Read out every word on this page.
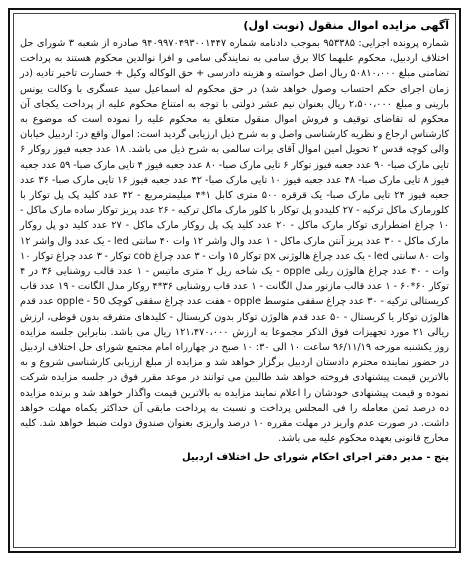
آگهی مزایده اموال منقول (نوبت اول)

شماره پرونده اجرایی: ۹۵۳۳۸۵ بموجب دادنامه شماره ۹۴۰۹۹۷۰۴۹۳۰۰۱۴۴۷ صادره از شعبه ۳ شورای حل اختلاف اردبیل، محکوم علیهما کالا برق سامی به نمایندگی سامی و افرا نوالدین محکوم هستند به پرداخت تضامنی مبلغ ۵۰۸۱۰،۰۰۰ ریال اصل خواسته و هزینه دادرسی + حق الوکاله وکیل + خسارت تاخیر تادیه (در زمان اجرای حکم احتساب وصول خواهد شد) در حق محکوم له اسماعیل سید عسگری با وکالت یونس بارینی و مبلغ ۲،۵۰۰،۰۰۰ ریال بعنوان نیم عشر دولتی با توجه به امتناع محکوم علیه از پرداخت یکجای آن محکوم له تقاضای توقیف و فروش اموال منقول متعلق به محکوم علیه را نموده است که موضوع به کارشناس ارجاع و نظریه کارشناسی واصل و به شرح ذیل ارزیابی گردید است: اموال واقع در: اردبیل خیابان والی کوچه قدس ۲ تحویل امین اموال آقای برات سالمی به شرح ذیل می باشد. ۱۸ عدد جعبه فیوز روکار ۶ تایی مارک صبا- ۹۰ عدد جعبه فیوز توکار ۶ تایی مارک صبا- ۸۰ عدد جعبه فیوز ۴ تایی مارک صبا- ۵۹ عدد جعبه فیوز ۸ تایی مارک صبا- ۴۸ عدد جعبه فیوز ۱۰ تایی مارک صبا- ۴۲ عدد جعبه فیوز ۱۶ تایی مارک صبا- ۳۶ عدد جعبه فیوز ۲۴ تایی مارک صبا- یک قرقره ۵۰۰ متری کابل ۱*۴ میلیمترمربع - ۴۲ عدد کلید پک پل توکار با کلورمارک ماکل ترکیه - ۲۷ کلیددو پل توکار با کلور مارک ماکل ترکیه - ۲۶ عدد پریز توکار ساده مارک ماکل - ۱۰ چراغ اضطراری توکار مارک ماکل - ۲۰ عدد کلید پک پل روکار مارک ماکل - ۲۷ عدد کلید دو پل روکار مارک ماکل - ۳۰ عدد پریز آنتن مارک ماکل - ۱ عدد وال واشر ۱۲ وات ۴۰ سانتی led - یک عدد وال واشر ۱۲ وات ۸۰ سانتی led - یک عدد چراغ هالوژنی px توکار ۱۵ وات - ۳ عدد چراغ cob توکار - ۳ عدد چراغ توکار ۱۰ وات - ۴۰ عدد چراغ هالوژن ریلی opple - یک شاخه ریل ۲ متری ماتیس - ۱ عدد قالب روشنایی ۳۶ در ۴ توکار ۶۰*۶۰ - ۱ عدد قالب مازنور مدل الگانت - ۱ عدد قاب روشنایی ۳۶*۴ روکار مدل الگانت - ۱۹ عدد قاب کریستالی ترکیه - ۳۰ عدد چراغ سقفی متوسط opple - هفت عدد چراغ سقفی کوچک 50 - opple عدد قدم هالوژن توکار یا کریستال - ۵۰ عدد قدم هالوژن توکار بدون کریستال - کلیدهای متفرقه بدون قوطی، ارزش ریالی ۲۱ مورد تجهیزات فوق الذکر مجموعا به ارزش ۱۲۱،۴۷۰،۰۰۰ ریال می باشد. بنابراین جلسه مزایده روز یکشنبه مورخه ۹۶/۱۱/۱۹ ساعت ۱۰ الی ۳۰: ۱۰ صبح در چهارراه امام مجتمع شورای حل اختلاف اردبیل در حضور نماینده محترم دادستان اردبیل برگزار خواهد شد و مزایده از مبلغ ارزیابی کارشناسی شروع و به بالاترین قیمت پیشنهادی فروخته خواهد شد طالبین می توانند در موعد مقرر فوق در جلسه مزایده شرکت نموده و قیمت پیشنهادی خودشان را اعلام نمایند مزایده به بالاترین قیمت واگذار خواهد شد و برنده مزایده ده درصد ثمن معامله را فی المجلس پرداخت و نسبت به پرداخت مابقی آن حداکثر یکماه مهلت خواهد داشت. در صورت عدم واریز در مهلت مقرره ۱۰ درصد واریزی بعنوان صندوق دولت ضبط خواهد شد. کلیه مخارج قانونی بعهده محکوم علیه می باشد.

ینج - مدیر دفتر اجرای احکام شورای حل اختلاف اردبیل
